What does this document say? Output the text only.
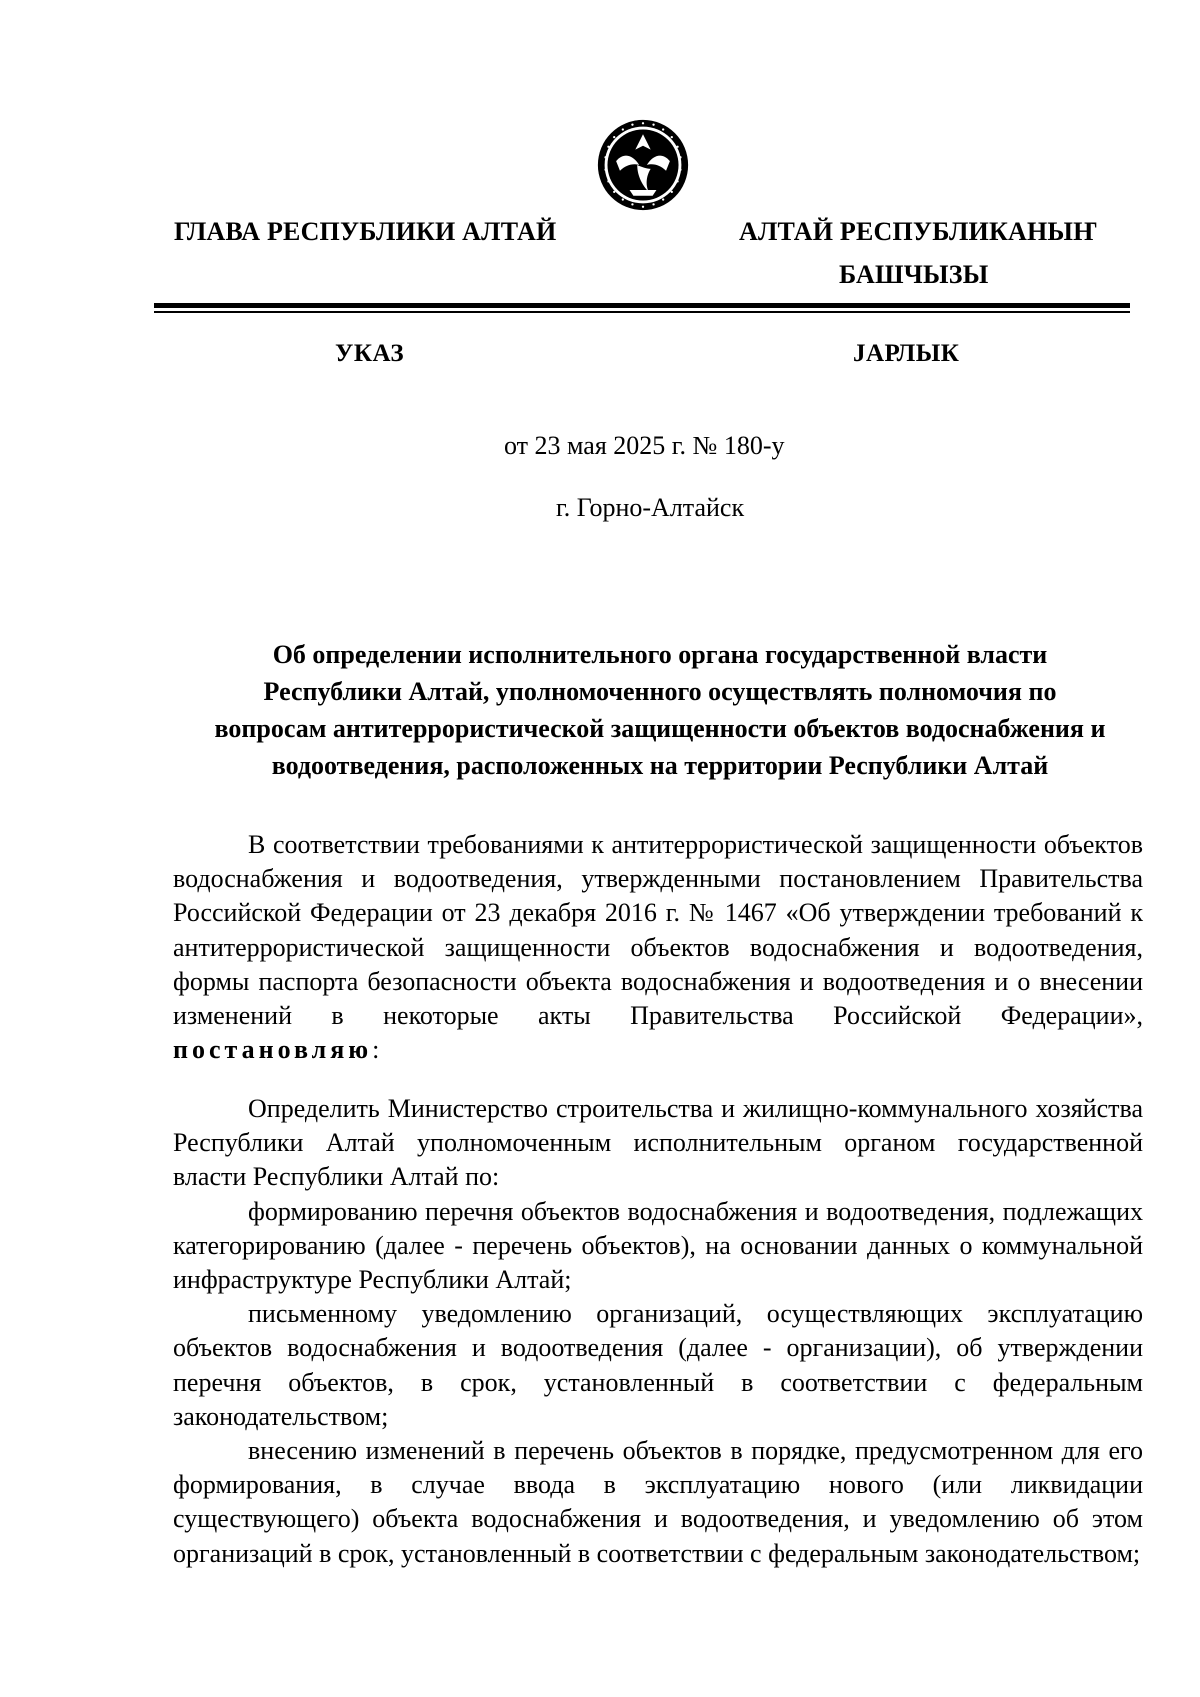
ГЛАВА РЕСПУБЛИКИ АЛТАЙ	АЛТАЙ РЕСПУБЛИКАНЫҤ
БАШЧЫЗЫ
УКАЗ	ЈАРЛЫК
от 23 мая 2025 г. № 180-у
г. Горно-Алтайск
Об определении исполнительного органа государственной власти
Республики Алтай, уполномоченного осуществлять полномочия по
вопросам антитеррористической защищенности объектов водоснабжения и
водоотведения, расположенных на территории Республики Алтай

В соответствии требованиями к антитеррористической защищенности объектов водоснабжения и водоотведения, утвержденными постановлением Правительства Российской Федерации от 23 декабря 2016 г. № 1467 «Об утверждении требований к антитеррористической защищенности объектов водоснабжения и водоотведения, формы паспорта безопасности объекта водоснабжения и водоотведения и о внесении изменений в некоторые акты Правительства Российской Федерации», постановляю:

Определить Министерство строительства и жилищно-коммунального хозяйства Республики Алтай уполномоченным исполнительным органом государственной власти Республики Алтай по:

формированию перечня объектов водоснабжения и водоотведения, подлежащих категорированию (далее - перечень объектов), на основании данных о коммунальной инфраструктуре Республики Алтай;

письменному уведомлению организаций, осуществляющих эксплуатацию объектов водоснабжения и водоотведения (далее - организации), об утверждении перечня объектов, в срок, установленный в соответствии с федеральным законодательством;

внесению изменений в перечень объектов в порядке, предусмотренном для его формирования, в случае ввода в эксплуатацию нового (или ликвидации существующего) объекта водоснабжения и водоотведения, и уведомлению об этом организаций в срок, установленный в соответствии с федеральным законодательством;
